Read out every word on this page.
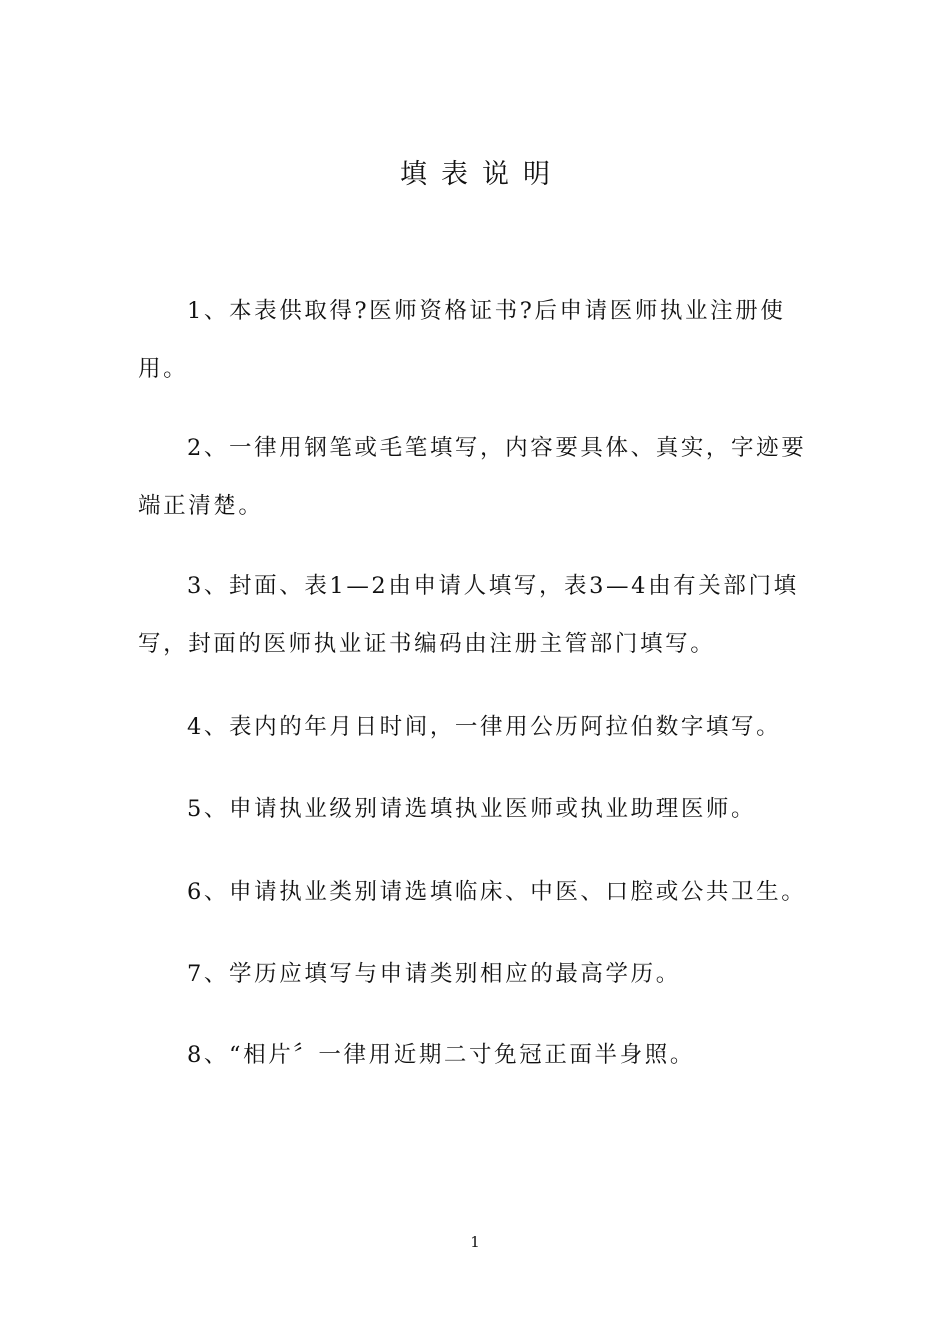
填表说明

1、本表供取得?医师资格证书?后申请医师执业注册使用。

2、一律用钢笔或毛笔填写，内容要具体、真实，字迹要端正清楚。

3、封面、表1—2由申请人填写，表3—4由有关部门填写，封面的医师执业证书编码由注册主管部门填写。

4、表内的年月日时间，一律用公历阿拉伯数字填写。

5、申请执业级别请选填执业医师或执业助理医师。

6、申请执业类别请选填临床、中医、口腔或公共卫生。

7、学历应填写与申请类别相应的最高学历。

8、“相片〞一律用近期二寸免冠正面半身照。

1
